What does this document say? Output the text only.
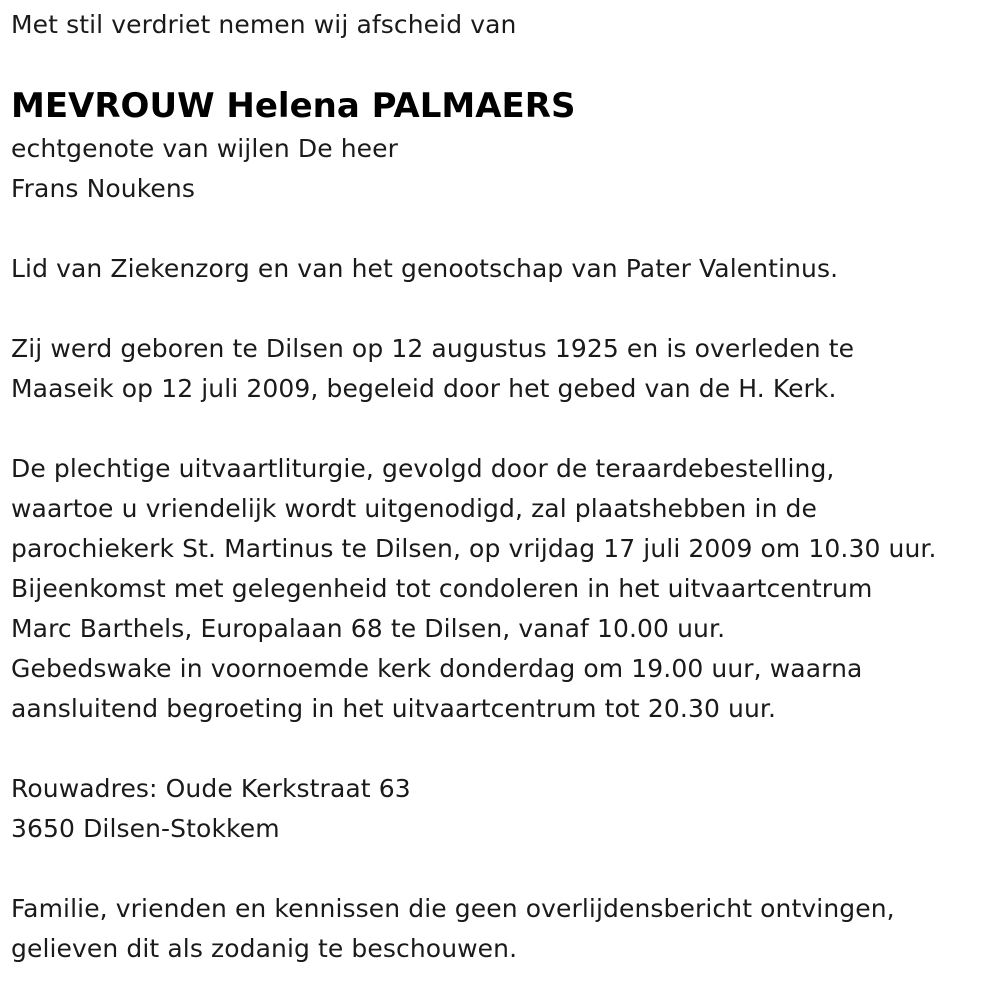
Met stil verdriet nemen wij afscheid van
MEVROUW Helena PALMAERS
echtgenote van wijlen De heer
Frans Noukens
Lid van Ziekenzorg en van het genootschap van Pater Valentinus.
Zij werd geboren te Dilsen op 12 augustus 1925 en is overleden te
Maaseik op 12 juli 2009, begeleid door het gebed van de H. Kerk.
De plechtige uitvaartliturgie, gevolgd door de teraardebestelling,
waartoe u vriendelijk wordt uitgenodigd, zal plaatshebben in de
parochiekerk St. Martinus te Dilsen, op vrijdag 17 juli 2009 om 10.30 uur.
Bijeenkomst met gelegenheid tot condoleren in het uitvaartcentrum
Marc Barthels, Europalaan 68 te Dilsen, vanaf 10.00 uur.
Gebedswake in voornoemde kerk donderdag om 19.00 uur, waarna
aansluitend begroeting in het uitvaartcentrum tot 20.30 uur.
Rouwadres: Oude Kerkstraat 63
3650 Dilsen-Stokkem
Familie, vrienden en kennissen die geen overlijdensbericht ontvingen,
gelieven dit als zodanig te beschouwen.
